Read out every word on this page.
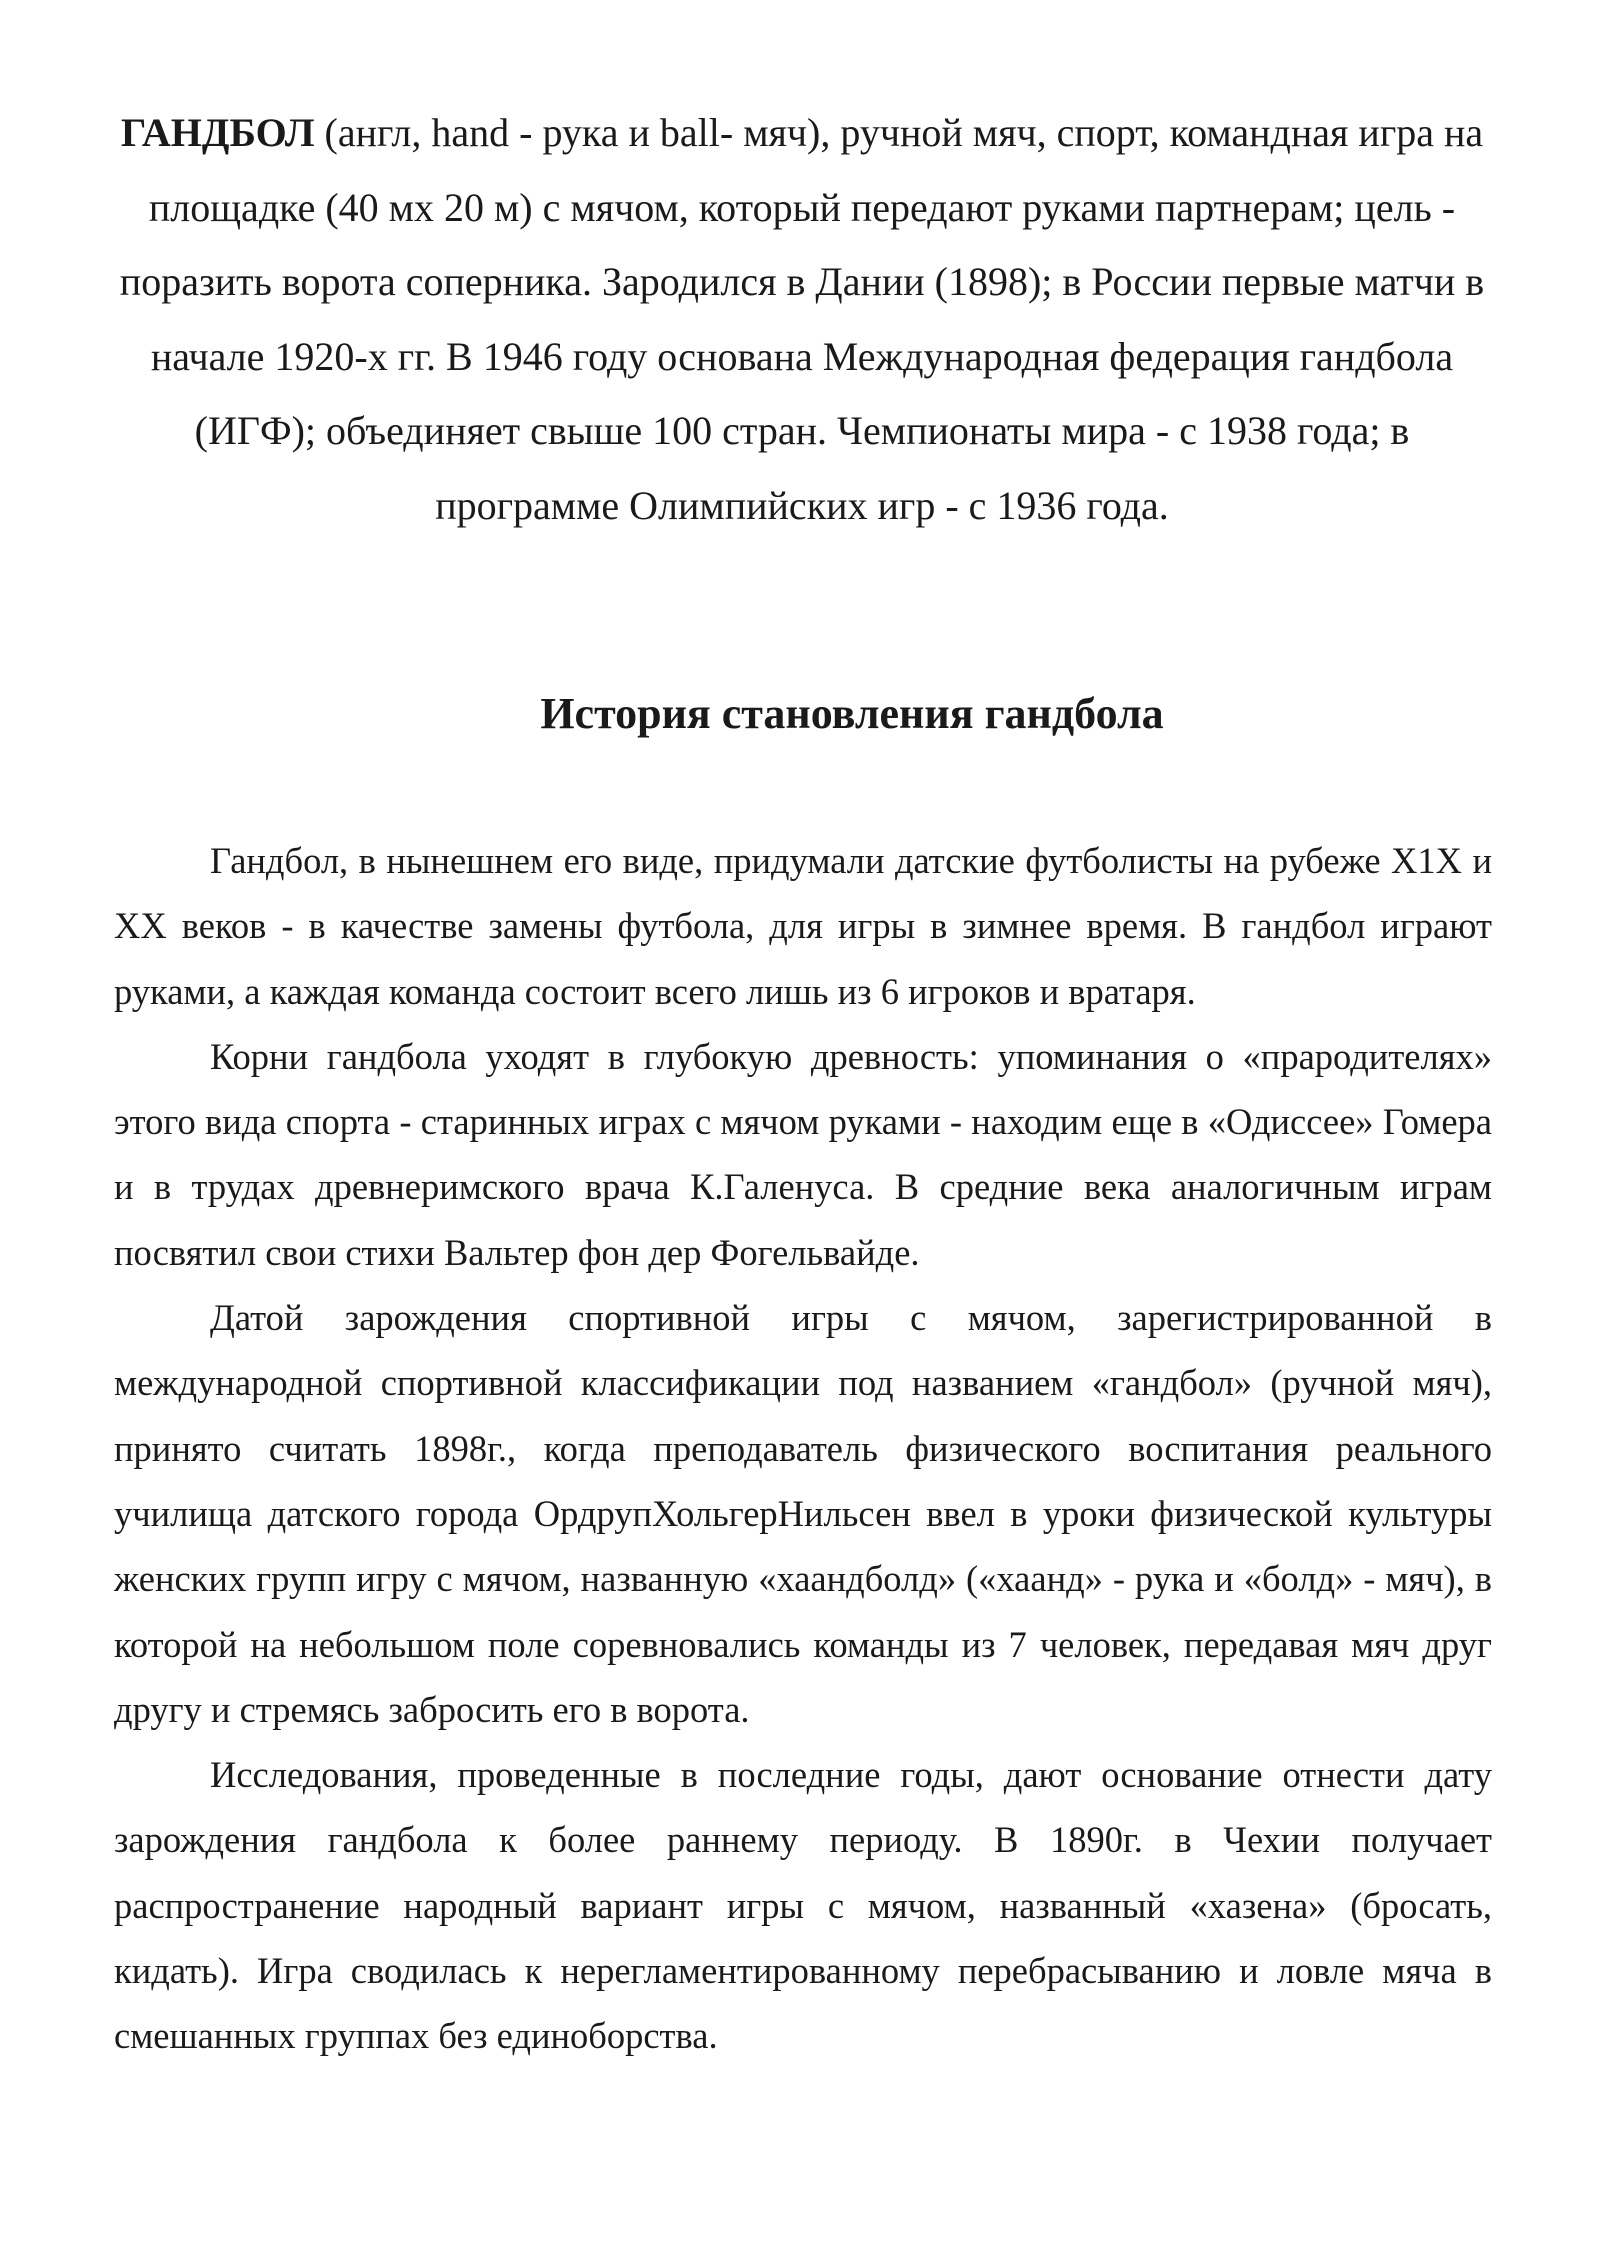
ГАНДБОЛ (англ, hand - рука и ball- мяч), ручной мяч, спорт, командная игра на площадке (40 мх 20 м) с мячом, который передают руками партнерам; цель - поразить ворота соперника. Зародился в Дании (1898); в России первые матчи в начале 1920-х гг. В 1946 году основана Международная федерация гандбола (ИГФ); объединяет свыше 100 стран. Чемпионаты мира - с 1938 года; в программе Олимпийских игр - с 1936 года.

История становления гандбола

Гандбол, в нынешнем его виде, придумали датские футболисты на рубеже Х1Х и ХХ веков - в качестве замены футбола, для игры в зимнее время. В гандбол играют руками, а каждая команда состоит всего лишь из 6 игроков и вратаря.

Корни гандбола уходят в глубокую древность: упоминания о «прародителях» этого вида спорта - старинных играх с мячом руками - находим еще в «Одиссее» Гомера и в трудах древнеримского врача К.Галенуса. В средние века аналогичным играм посвятил свои стихи Вальтер фон дер Фогельвайде.

Датой зарождения спортивной игры с мячом, зарегистрированной в международной спортивной классификации под названием «гандбол» (ручной мяч), принято считать 1898г., когда преподаватель физического воспитания реального училища датского города ОрдрупХольгерНильсен ввел в уроки физической культуры женских групп игру с мячом, названную «хаандболд» («хаанд» - рука и «болд» - мяч), в которой на небольшом поле соревновались команды из 7 человек, передавая мяч друг другу и стремясь забросить его в ворота.

Исследования, проведенные в последние годы, дают основание отнести дату зарождения гандбола к более раннему периоду. В 1890г. в Чехии получает распространение народный вариант игры с мячом, названный «хазена» (бросать, кидать). Игра сводилась к нерегламентированному перебрасыванию и ловле мяча в смешанных группах без единоборства.
